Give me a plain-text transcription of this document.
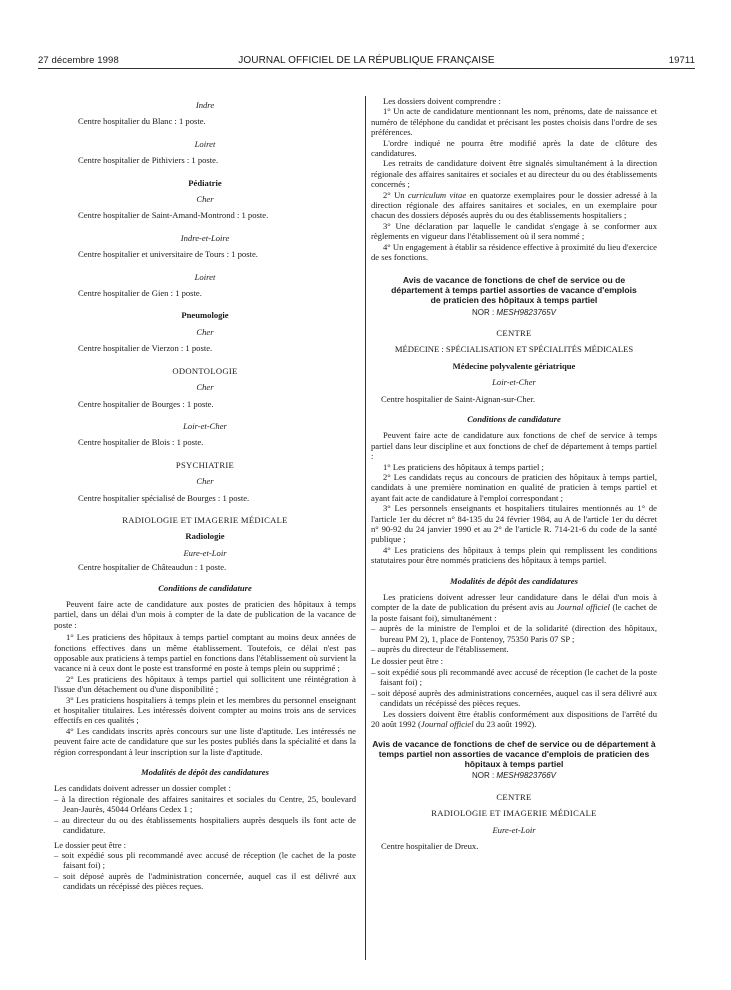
27 décembre 1998	JOURNAL OFFICIEL DE LA RÉPUBLIQUE FRANÇAISE	19711

Indre

Centre hospitalier du Blanc : 1 poste.

Loiret

Centre hospitalier de Pithiviers : 1 poste.

Pédiatrie

Cher

Centre hospitalier de Saint-Amand-Montrond : 1 poste.

Indre-et-Loire

Centre hospitalier et universitaire de Tours : 1 poste.

Loiret

Centre hospitalier de Gien : 1 poste.

Pneumologie

Cher

Centre hospitalier de Vierzon : 1 poste.

ODONTOLOGIE

Cher

Centre hospitalier de Bourges : 1 poste.

Loir-et-Cher

Centre hospitalier de Blois : 1 poste.

PSYCHIATRIE

Cher

Centre hospitalier spécialisé de Bourges : 1 poste.

RADIOLOGIE ET IMAGERIE MÉDICALE

Radiologie

Eure-et-Loir

Centre hospitalier de Châteaudun : 1 poste.

Conditions de candidature

Peuvent faire acte de candidature aux postes de praticien des hôpitaux à temps partiel, dans un délai d'un mois à compter de la date de publication de la vacance de poste :

1° Les praticiens des hôpitaux à temps partiel comptant au moins deux années de fonctions effectives dans un même établissement. Toutefois, ce délai n'est pas opposable aux praticiens à temps partiel en fonctions dans l'établissement où survient la vacance ni à ceux dont le poste est transformé en poste à temps plein ou supprimé ;

2° Les praticiens des hôpitaux à temps partiel qui sollicitent une réintégration à l'issue d'un détachement ou d'une disponibilité ;

3° Les praticiens hospitaliers à temps plein et les membres du personnel enseignant et hospitalier titulaires. Les intéressés doivent compter au moins trois ans de services effectifs en ces qualités ;

4° Les candidats inscrits après concours sur une liste d'aptitude. Les intéressés ne peuvent faire acte de candidature que sur les postes publiés dans la spécialité et dans la région correspondant à leur inscription sur la liste d'aptitude.

Modalités de dépôt des candidatures

Les candidats doivent adresser un dossier complet :

– à la direction régionale des affaires sanitaires et sociales du Centre, 25, boulevard Jean-Jaurès, 45044 Orléans Cedex 1 ;

– au directeur du ou des établissements hospitaliers auprès desquels ils font acte de candidature.

Le dossier peut être :

– soit expédié sous pli recommandé avec accusé de réception (le cachet de la poste faisant foi) ;

– soit déposé auprès de l'administration concernée, auquel cas il est délivré aux candidats un récépissé des pièces reçues.

Les dossiers doivent comprendre :

1° Un acte de candidature mentionnant les nom, prénoms, date de naissance et numéro de téléphone du candidat et précisant les postes choisis dans l'ordre de ses préférences.

L'ordre indiqué ne pourra être modifié après la date de clôture des candidatures.

Les retraits de candidature doivent être signalés simultanément à la direction régionale des affaires sanitaires et sociales et au directeur du ou des établissements concernés ;

2° Un curriculum vitae en quatorze exemplaires pour le dossier adressé à la direction régionale des affaires sanitaires et sociales, en un exemplaire pour chacun des dossiers déposés auprès du ou des établissements hospitaliers ;

3° Une déclaration par laquelle le candidat s'engage à se conformer aux règlements en vigueur dans l'établissement où il sera nommé ;

4° Un engagement à établir sa résidence effective à proximité du lieu d'exercice de ses fonctions.

Avis de vacance de fonctions de chef de service ou de département à temps partiel assorties de vacance d'emplois de praticien des hôpitaux à temps partiel

NOR : MESH9823765V

CENTRE

MÉDECINE : SPÉCIALISATION ET SPÉCIALITÉS MÉDICALES

Médecine polyvalente gériatrique

Loir-et-Cher

Centre hospitalier de Saint-Aignan-sur-Cher.

Conditions de candidature

Peuvent faire acte de candidature aux fonctions de chef de service à temps partiel dans leur discipline et aux fonctions de chef de département à temps partiel :

1° Les praticiens des hôpitaux à temps partiel ;

2° Les candidats reçus au concours de praticien des hôpitaux à temps partiel, candidats à une première nomination en qualité de praticien à temps partiel et ayant fait acte de candidature à l'emploi correspondant ;

3° Les personnels enseignants et hospitaliers titulaires mentionnés au 1° de l'article 1er du décret n° 84-135 du 24 février 1984, au A de l'article 1er du décret n° 90-92 du 24 janvier 1990 et au 2° de l'article R. 714-21-6 du code de la santé publique ;

4° Les praticiens des hôpitaux à temps plein qui remplissent les conditions statutaires pour être nommés praticiens des hôpitaux à temps partiel.

Modalités de dépôt des candidatures

Les praticiens doivent adresser leur candidature dans le délai d'un mois à compter de la date de publication du présent avis au Journal officiel (le cachet de la poste faisant foi), simultanément :

– auprès de la ministre de l'emploi et de la solidarité (direction des hôpitaux, bureau PM 2), 1, place de Fontenoy, 75350 Paris 07 SP ;

– auprès du directeur de l'établissement.

Le dossier peut être :

– soit expédié sous pli recommandé avec accusé de réception (le cachet de la poste faisant foi) ;

– soit déposé auprès des administrations concernées, auquel cas il sera délivré aux candidats un récépissé des pièces reçues.

Les dossiers doivent être établis conformément aux dispositions de l'arrêté du 20 août 1992 (Journal officiel du 23 août 1992).

Avis de vacance de fonctions de chef de service ou de département à temps partiel non assorties de vacance d'emplois de praticien des hôpitaux à temps partiel

NOR : MESH9823766V

CENTRE

RADIOLOGIE ET IMAGERIE MÉDICALE

Eure-et-Loir

Centre hospitalier de Dreux.
